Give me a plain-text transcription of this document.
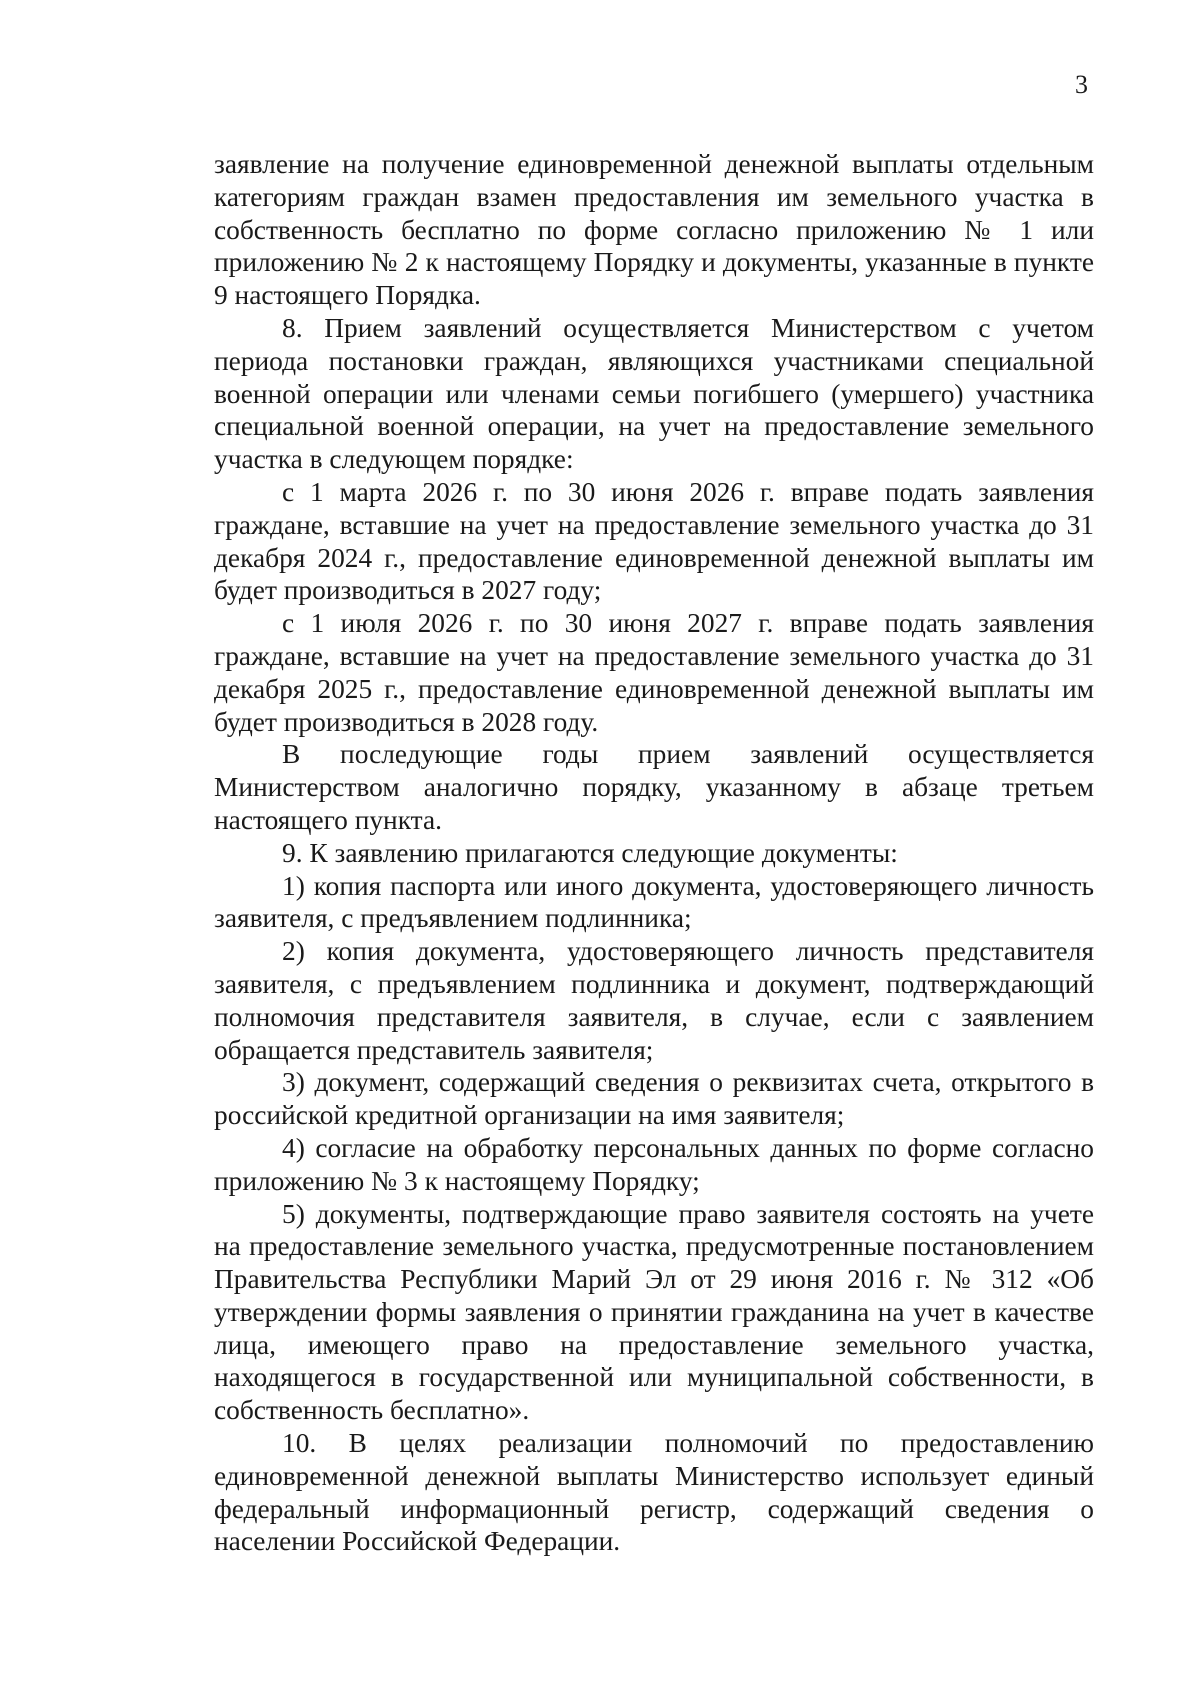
3

заявление на получение единовременной денежной выплаты отдельным категориям граждан взамен предоставления им земельного участка в собственность бесплатно по форме согласно приложению № 1 или приложению № 2 к настоящему Порядку и документы, указанные в пункте 9 настоящего Порядка.

8. Прием заявлений осуществляется Министерством с учетом периода постановки граждан, являющихся участниками специальной военной операции или членами семьи погибшего (умершего) участника специальной военной операции, на учет на предоставление земельного участка в следующем порядке:

с 1 марта 2026 г. по 30 июня 2026 г. вправе подать заявления граждане, вставшие на учет на предоставление земельного участка до 31 декабря 2024 г., предоставление единовременной денежной выплаты им будет производиться в 2027 году;

с 1 июля 2026 г. по 30 июня 2027 г. вправе подать заявления граждане, вставшие на учет на предоставление земельного участка до 31 декабря 2025 г., предоставление единовременной денежной выплаты им будет производиться в 2028 году.

В последующие годы прием заявлений осуществляется Министерством аналогично порядку, указанному в абзаце третьем настоящего пункта.

9. К заявлению прилагаются следующие документы:

1) копия паспорта или иного документа, удостоверяющего личность заявителя, с предъявлением подлинника;

2) копия документа, удостоверяющего личность представителя заявителя, с предъявлением подлинника и документ, подтверждающий полномочия представителя заявителя, в случае, если с заявлением обращается представитель заявителя;

3) документ, содержащий сведения о реквизитах счета, открытого в российской кредитной организации на имя заявителя;

4) согласие на обработку персональных данных по форме согласно приложению № 3 к настоящему Порядку;

5) документы, подтверждающие право заявителя состоять на учете на предоставление земельного участка, предусмотренные постановлением Правительства Республики Марий Эл от 29 июня 2016 г. № 312 «Об утверждении формы заявления о принятии гражданина на учет в качестве лица, имеющего право на предоставление земельного участка, находящегося в государственной или муниципальной собственности, в собственность бесплатно».

10. В целях реализации полномочий по предоставлению единовременной денежной выплаты Министерство использует единый федеральный информационный регистр, содержащий сведения о населении Российской Федерации.
